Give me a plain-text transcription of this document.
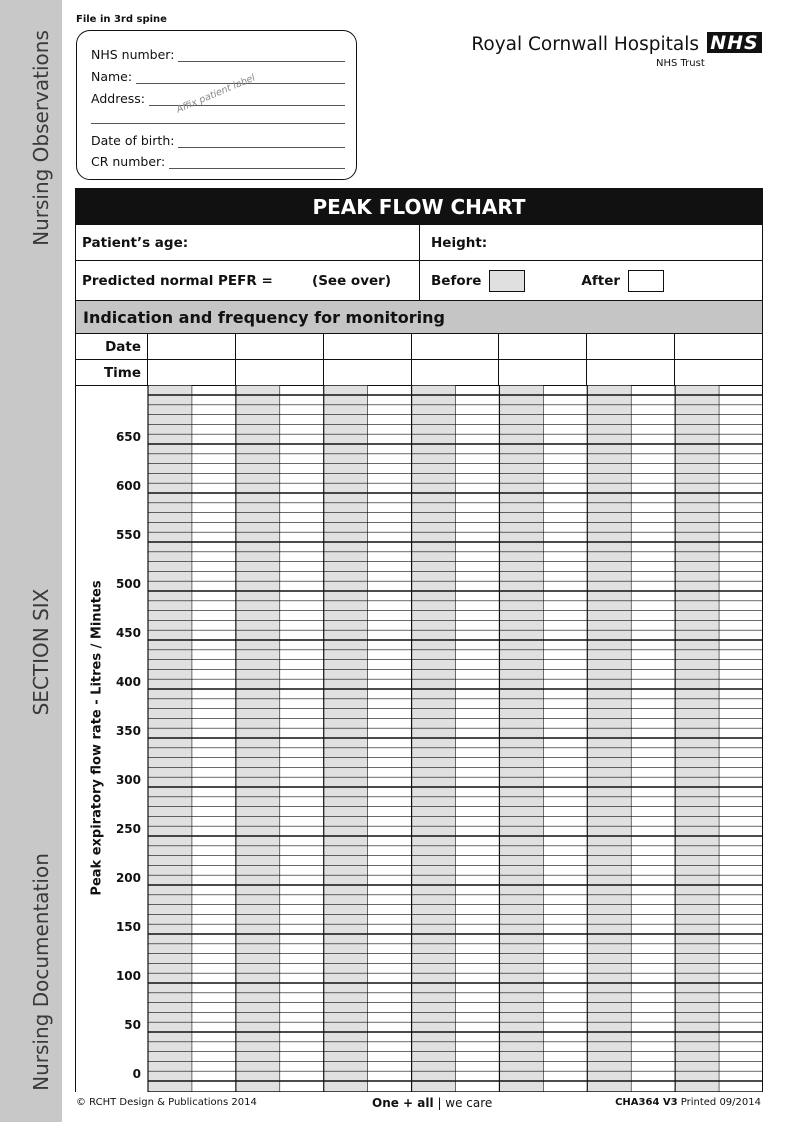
Nursing Observations
SECTION SIX
Nursing Documentation
File in 3rd spine
NHS number:
Name:
Address:
Date of birth:
CR number:
Affix patient label
Royal Cornwall Hospitals NHS
NHS Trust
PEAK FLOW CHART
Patient’s age:	Height:
Predicted normal PEFR =	(See over)	Before	After
Indication and frequency for monitoring
Date
Time
650
600
550
500
450
400
350
300
250
200
150
100
50
0
Peak expiratory flow rate - Litres / Minutes
© RCHT Design & Publications 2014	One + all | we care	CHA364 V3 Printed 09/2014
